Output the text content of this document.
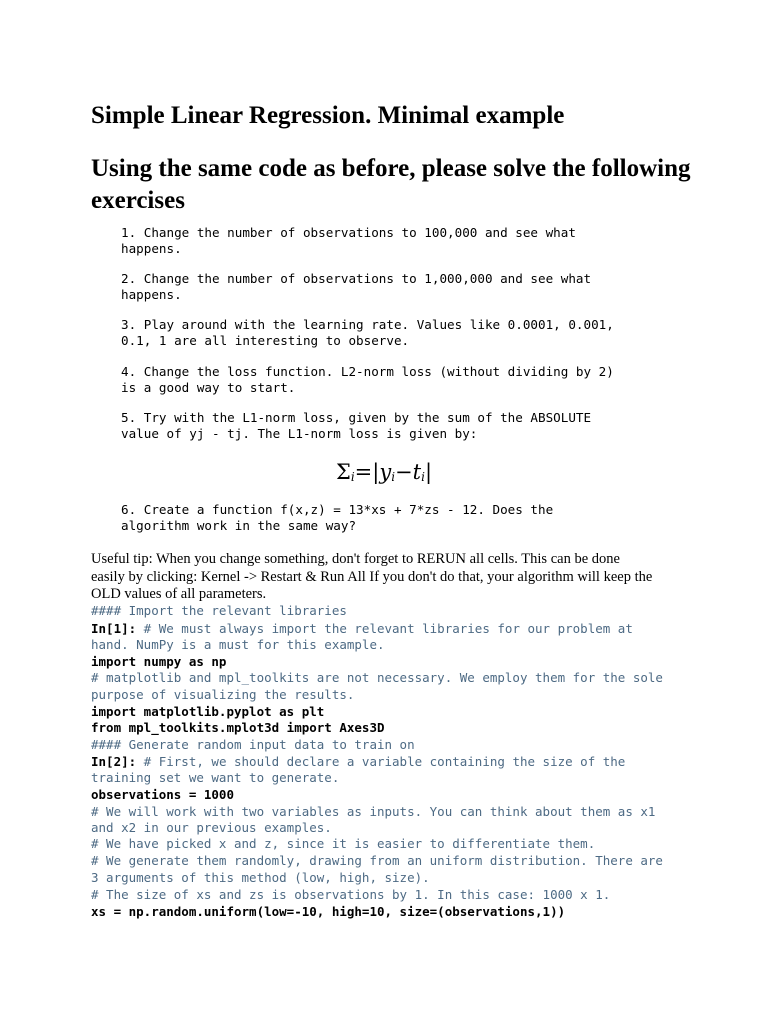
Simple Linear Regression. Minimal example
Using the same code as before, please solve the following
exercises
1. Change the number of observations to 100,000 and see what
happens.
2. Change the number of observations to 1,000,000 and see what
happens.
3. Play around with the learning rate. Values like 0.0001, 0.001,
0.1, 1 are all interesting to observe.
4. Change the loss function. L2-norm loss (without dividing by 2)
is a good way to start.
5. Try with the L1-norm loss, given by the sum of the ABSOLUTE
value of yj - tj. The L1-norm loss is given by:
6. Create a function f(x,z) = 13*xs + 7*zs - 12. Does the
algorithm work in the same way?
$\Sigma_i=|y_i-t_i|$
Useful tip: When you change something, don't forget to RERUN all cells. This can be done
easily by clicking: Kernel -> Restart & Run All If you don't do that, your algorithm will keep the
OLD values of all parameters.
#### Import the relevant libraries
In[1]: # We must always import the relevant libraries for our problem at
hand. NumPy is a must for this example.
import numpy as np
# matplotlib and mpl_toolkits are not necessary. We employ them for the sole
purpose of visualizing the results.
import matplotlib.pyplot as plt
from mpl_toolkits.mplot3d import Axes3D
#### Generate random input data to train on
In[2]: # First, we should declare a variable containing the size of the
training set we want to generate.
observations = 1000
# We will work with two variables as inputs. You can think about them as x1
and x2 in our previous examples.
# We have picked x and z, since it is easier to differentiate them.
# We generate them randomly, drawing from an uniform distribution. There are
3 arguments of this method (low, high, size).
# The size of xs and zs is observations by 1. In this case: 1000 x 1.
xs = np.random.uniform(low=-10, high=10, size=(observations,1))
